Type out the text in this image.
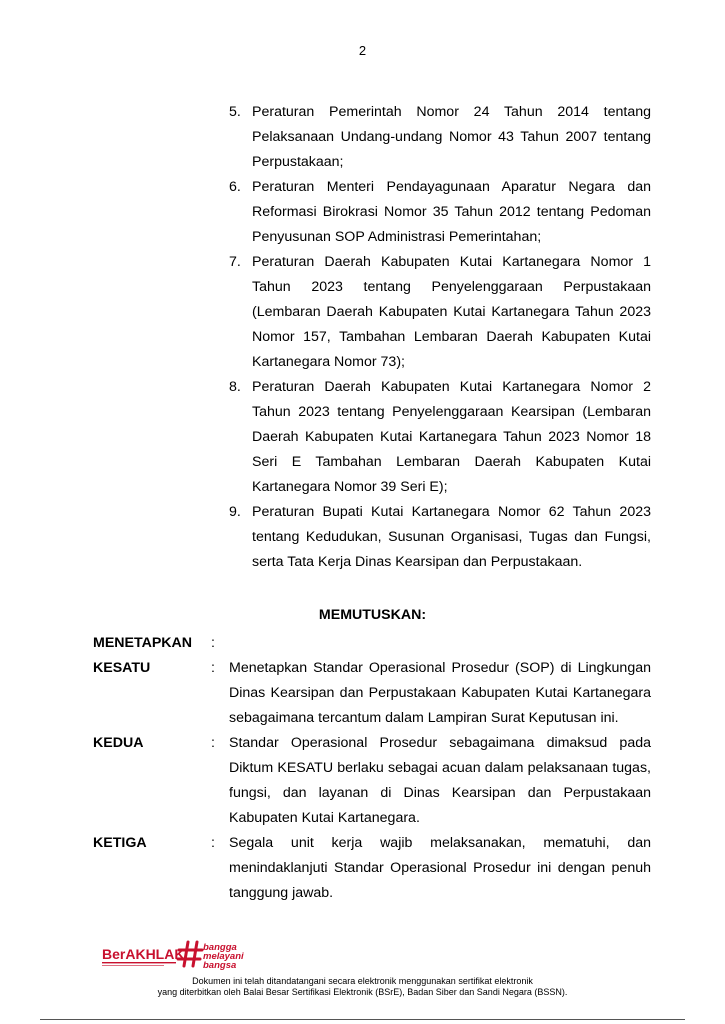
2
5. Peraturan Pemerintah Nomor 24 Tahun 2014 tentang Pelaksanaan Undang-undang Nomor 43 Tahun 2007 tentang Perpustakaan;
6. Peraturan Menteri Pendayagunaan Aparatur Negara dan Reformasi Birokrasi Nomor 35 Tahun 2012 tentang Pedoman Penyusunan SOP Administrasi Pemerintahan;
7. Peraturan Daerah Kabupaten Kutai Kartanegara Nomor 1 Tahun 2023 tentang Penyelenggaraan Perpustakaan (Lembaran Daerah Kabupaten Kutai Kartanegara Tahun 2023 Nomor 157, Tambahan Lembaran Daerah Kabupaten Kutai Kartanegara Nomor 73);
8. Peraturan Daerah Kabupaten Kutai Kartanegara Nomor 2 Tahun 2023 tentang Penyelenggaraan Kearsipan (Lembaran Daerah Kabupaten Kutai Kartanegara Tahun 2023 Nomor 18 Seri E Tambahan Lembaran Daerah Kabupaten Kutai Kartanegara Nomor 39 Seri E);
9. Peraturan Bupati Kutai Kartanegara Nomor 62 Tahun 2023 tentang Kedudukan, Susunan Organisasi, Tugas dan Fungsi, serta Tata Kerja Dinas Kearsipan dan Perpustakaan.
MEMUTUSKAN:
MENETAPKAN	:
KESATU	: Menetapkan Standar Operasional Prosedur (SOP) di Lingkungan Dinas Kearsipan dan Perpustakaan Kabupaten Kutai Kartanegara sebagaimana tercantum dalam Lampiran Surat Keputusan ini.
KEDUA	: Standar Operasional Prosedur sebagaimana dimaksud pada Diktum KESATU berlaku sebagai acuan dalam pelaksanaan tugas, fungsi, dan layanan di Dinas Kearsipan dan Perpustakaan Kabupaten Kutai Kartanegara.
KETIGA	: Segala unit kerja wajib melaksanakan, mematuhi, dan menindaklanjuti Standar Operasional Prosedur ini dengan penuh tanggung jawab.
BerAKHLAK bangga
melayani
bangsa
Dokumen ini telah ditandatangani secara elektronik menggunakan sertifikat elektronik
yang diterbitkan oleh Balai Besar Sertifikasi Elektronik (BSrE), Badan Siber dan Sandi Negara (BSSN).
